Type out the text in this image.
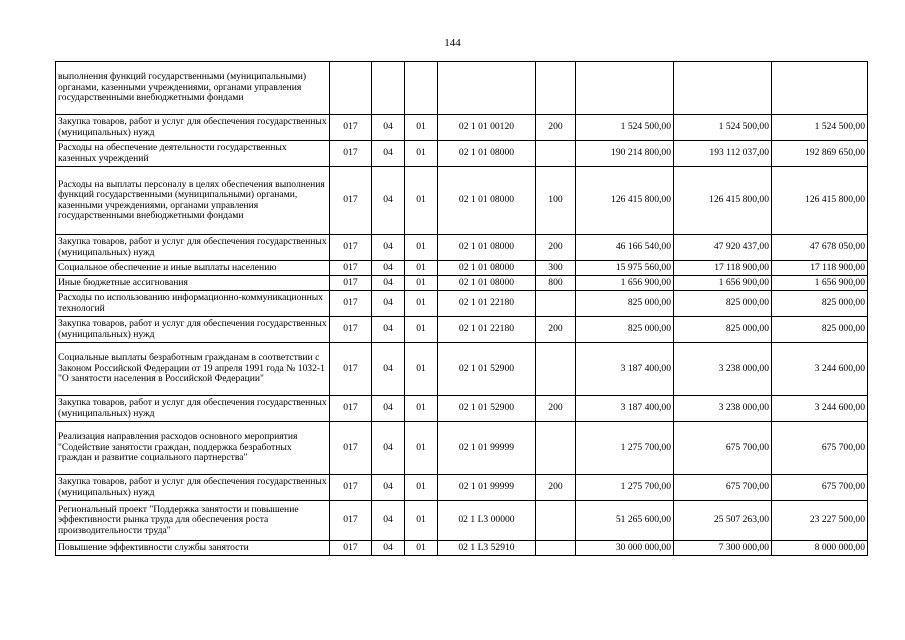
144
выполнения функций государственными (муниципальными) органами, казенными учреждениями, органами управления государственными внебюджетными фондами								
Закупка товаров, работ и услуг для обеспечения государственных (муниципальных) нужд	017	04	01	02 1 01 00120	200	1 524 500,00	1 524 500,00	1 524 500,00
Расходы на обеспечение деятельности государственных казенных учреждений	017	04	01	02 1 01 08000		190 214 800,00	193 112 037,00	192 869 650,00
Расходы на выплаты персоналу в целях обеспечения выполнения функций государственными (муниципальными) органами, казенными учреждениями, органами управления государственными внебюджетными фондами	017	04	01	02 1 01 08000	100	126 415 800,00	126 415 800,00	126 415 800,00
Закупка товаров, работ и услуг для обеспечения государственных (муниципальных) нужд	017	04	01	02 1 01 08000	200	46 166 540,00	47 920 437,00	47 678 050,00
Социальное обеспечение и иные выплаты населению	017	04	01	02 1 01 08000	300	15 975 560,00	17 118 900,00	17 118 900,00
Иные бюджетные ассигнования	017	04	01	02 1 01 08000	800	1 656 900,00	1 656 900,00	1 656 900,00
Расходы по использованию информационно-коммуникационных технологий	017	04	01	02 1 01 22180		825 000,00	825 000,00	825 000,00
Закупка товаров, работ и услуг для обеспечения государственных (муниципальных) нужд	017	04	01	02 1 01 22180	200	825 000,00	825 000,00	825 000,00
Социальные выплаты безработным гражданам в соответствии с Законом Российской Федерации от 19 апреля 1991 года № 1032-1 "О занятости населения в Российской Федерации"	017	04	01	02 1 01 52900		3 187 400,00	3 238 000,00	3 244 600,00
Закупка товаров, работ и услуг для обеспечения государственных (муниципальных) нужд	017	04	01	02 1 01 52900	200	3 187 400,00	3 238 000,00	3 244 600,00
Реализация направления расходов основного мероприятия "Содействие занятости граждан, поддержка безработных граждан и развитие социального партнерства"	017	04	01	02 1 01 99999		1 275 700,00	675 700,00	675 700,00
Закупка товаров, работ и услуг для обеспечения государственных (муниципальных) нужд	017	04	01	02 1 01 99999	200	1 275 700,00	675 700,00	675 700,00
Региональный проект "Поддержка занятости и повышение эффективности рынка труда для обеспечения роста производительности труда"	017	04	01	02 1 L3 00000		51 265 600,00	25 507 263,00	23 227 500,00
Повышение эффективности службы занятости	017	04	01	02 1 L3 52910		30 000 000,00	7 300 000,00	8 000 000,00
